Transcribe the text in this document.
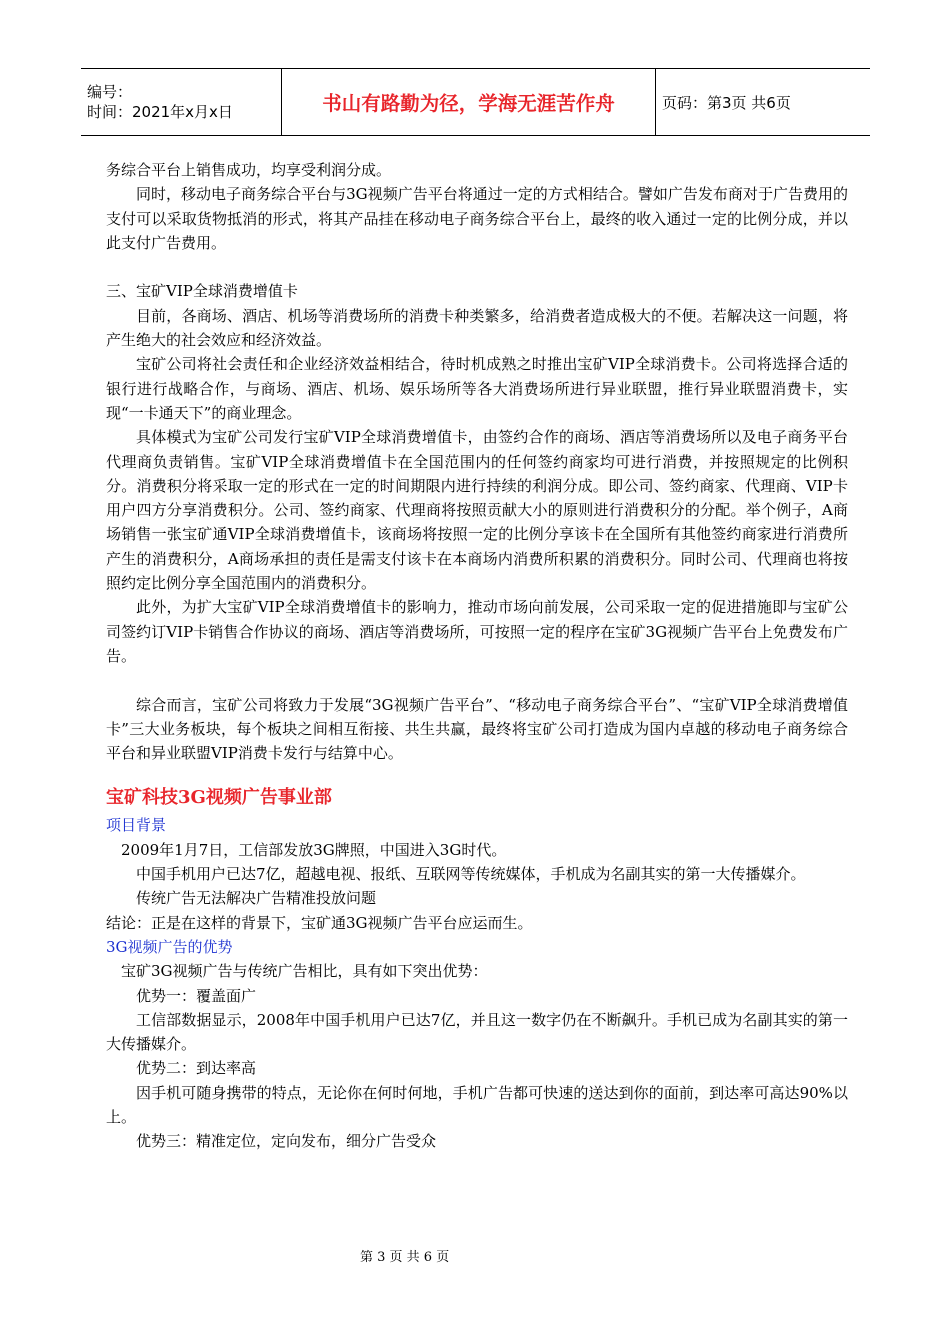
编号：
时间：2021年x月x日	书山有路勤为径，学海无涯苦作舟	页码：第3页 共6页

务综合平台上销售成功，均享受利润分成。

同时，移动电子商务综合平台与3G视频广告平台将通过一定的方式相结合。譬如广告发布商对于广告费用的支付可以采取货物抵消的形式，将其产品挂在移动电子商务综合平台上，最终的收入通过一定的比例分成，并以此支付广告费用。

三、宝矿VIP全球消费增值卡

目前，各商场、酒店、机场等消费场所的消费卡种类繁多，给消费者造成极大的不便。若解决这一问题，将产生绝大的社会效应和经济效益。

宝矿公司将社会责任和企业经济效益相结合，待时机成熟之时推出宝矿VIP全球消费卡。公司将选择合适的银行进行战略合作，与商场、酒店、机场、娱乐场所等各大消费场所进行异业联盟，推行异业联盟消费卡，实现“一卡通天下”的商业理念。

具体模式为宝矿公司发行宝矿VIP全球消费增值卡，由签约合作的商场、酒店等消费场所以及电子商务平台代理商负责销售。宝矿VIP全球消费增值卡在全国范围内的任何签约商家均可进行消费，并按照规定的比例积分。消费积分将采取一定的形式在一定的时间期限内进行持续的利润分成。即公司、签约商家、代理商、VIP卡用户四方分享消费积分。公司、签约商家、代理商将按照贡献大小的原则进行消费积分的分配。举个例子，A商场销售一张宝矿通VIP全球消费增值卡，该商场将按照一定的比例分享该卡在全国所有其他签约商家进行消费所产生的消费积分，A商场承担的责任是需支付该卡在本商场内消费所积累的消费积分。同时公司、代理商也将按照约定比例分享全国范围内的消费积分。

此外，为扩大宝矿VIP全球消费增值卡的影响力，推动市场向前发展，公司采取一定的促进措施即与宝矿公司签约订VIP卡销售合作协议的商场、酒店等消费场所，可按照一定的程序在宝矿3G视频广告平台上免费发布广告。

综合而言，宝矿公司将致力于发展“3G视频广告平台”、“移动电子商务综合平台”、“宝矿VIP全球消费增值卡”三大业务板块，每个板块之间相互衔接、共生共赢，最终将宝矿公司打造成为国内卓越的移动电子商务综合平台和异业联盟VIP消费卡发行与结算中心。

宝矿科技3G视频广告事业部

项目背景

2009年1月7日，工信部发放3G牌照，中国进入3G时代。

中国手机用户已达7亿，超越电视、报纸、互联网等传统媒体，手机成为名副其实的第一大传播媒介。

传统广告无法解决广告精准投放问题

结论：正是在这样的背景下，宝矿通3G视频广告平台应运而生。

3G视频广告的优势

宝矿3G视频广告与传统广告相比，具有如下突出优势：

优势一：覆盖面广

工信部数据显示，2008年中国手机用户已达7亿，并且这一数字仍在不断飙升。手机已成为名副其实的第一大传播媒介。

优势二：到达率高

因手机可随身携带的特点，无论你在何时何地，手机广告都可快速的送达到你的面前，到达率可高达90%以上。

优势三：精准定位，定向发布，细分广告受众

第 3 页 共 6 页
